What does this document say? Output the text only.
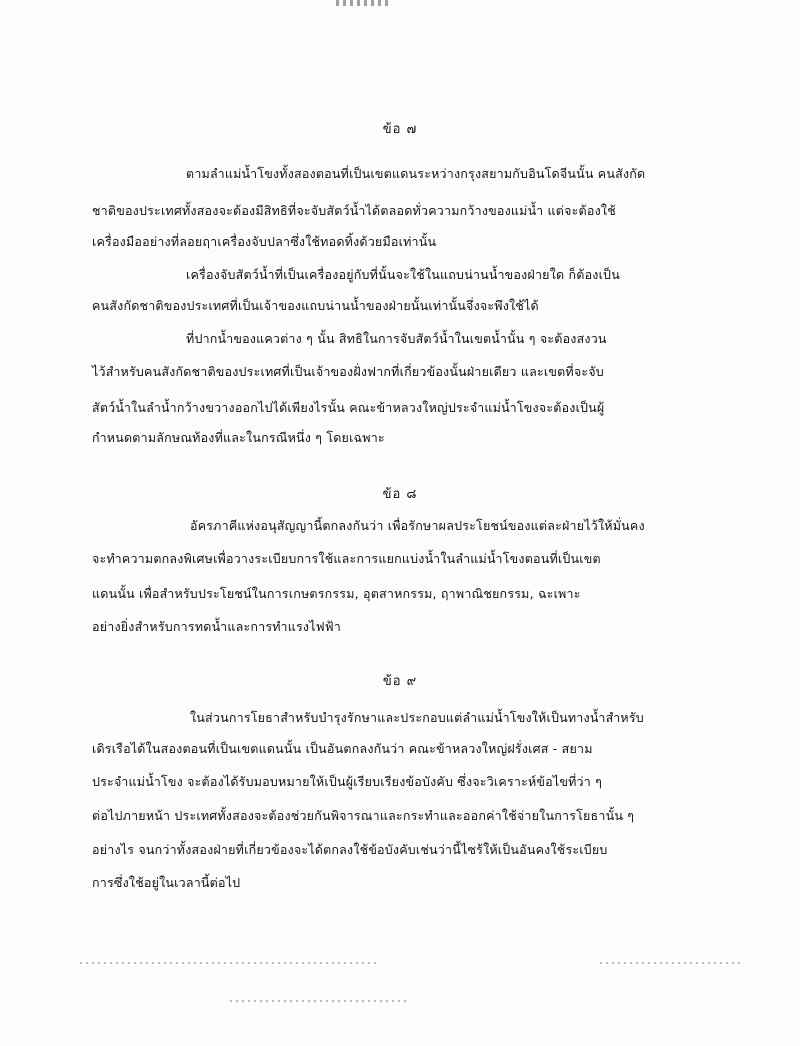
ข้อ ๗
ตามลำแม่น้ำโขงทั้งสองตอนที่เป็นเขตแดนระหว่างกรุงสยามกับอินโดจีนนั้น คนสังกัด
ชาติของประเทศทั้งสองจะต้องมีสิทธิที่จะจับสัตว์น้ำได้ตลอดทั่วความกว้างของแม่น้ำ แต่จะต้องใช้
เครื่องมืออย่างที่ลอยฤาเครื่องจับปลาซึ่งใช้ทอดทิ้งด้วยมือเท่านั้น
เครื่องจับสัตว์น้ำที่เป็นเครื่องอยู่กับที่นั้นจะใช้ในแถบน่านน้ำของฝ่ายใด ก็ต้องเป็น
คนสังกัดชาติของประเทศที่เป็นเจ้าของแถบน่านน้ำของฝ่ายนั้นเท่านั้นจึ่งจะพึงใช้ได้
ที่ปากน้ำของแควต่าง ๆ นั้น สิทธิในการจับสัตว์น้ำในเขตน้ำนั้น ๆ จะต้องสงวน
ไว้สำหรับคนสังกัดชาติของประเทศที่เป็นเจ้าของฝั่งฟากที่เกี่ยวข้องนั้นฝ่ายเดียว และเขตที่จะจับ
สัตว์น้ำในลำน้ำกว้างขวางออกไปได้เพียงไรนั้น คณะข้าหลวงใหญ่ประจำแม่น้ำโขงจะต้องเป็นผู้
กำหนดตามลักษณท้องที่และในกรณีหนึ่ง ๆ โดยเฉพาะ
ข้อ ๘
อัครภาคีแห่งอนุสัญญานี้ตกลงกันว่า เพื่อรักษาผลประโยชน์ของแต่ละฝ่ายไว้ให้มั่นคง
จะทำความตกลงพิเศษเพื่อวางระเบียบการใช้และการแยกแบ่งน้ำในลำแม่น้ำโขงตอนที่เป็นเขต
แดนนั้น เพื่อสำหรับประโยชน์ในการเกษตรกรรม, อุตสาหกรรม, ฤาพาณิชยกรรม, ฉะเพาะ
อย่างยิ่งสำหรับการทดน้ำและการทำแรงไฟฟ้า
ข้อ ๙
ในส่วนการโยธาสำหรับบำรุงรักษาและประกอบแต่ลำแม่น้ำโขงให้เป็นทางน้ำสำหรับ
เดิรเรือได้ในสองตอนที่เป็นเขตแดนนั้น เป็นอันตกลงกันว่า คณะข้าหลวงใหญ่ฝรั่งเศส - สยาม
ประจำแม่น้ำโขง จะต้องได้รับมอบหมายให้เป็นผู้เรียบเรียงข้อบังคับ ซึ่งจะวิเคราะห์ข้อไขที่ว่า ๆ
ต่อไปภายหน้า ประเทศทั้งสองจะต้องช่วยกันพิจารณาและกระทำและออกค่าใช้จ่ายในการโยธานั้น ๆ
อย่างไร จนกว่าทั้งสองฝ่ายที่เกี่ยวข้องจะได้ตกลงใช้ข้อบังคับเช่นว่านี้ไซร้ให้เป็นอันคงใช้ระเบียบ
การซึ่งใช้อยู่ในเวลานี้ต่อไป
